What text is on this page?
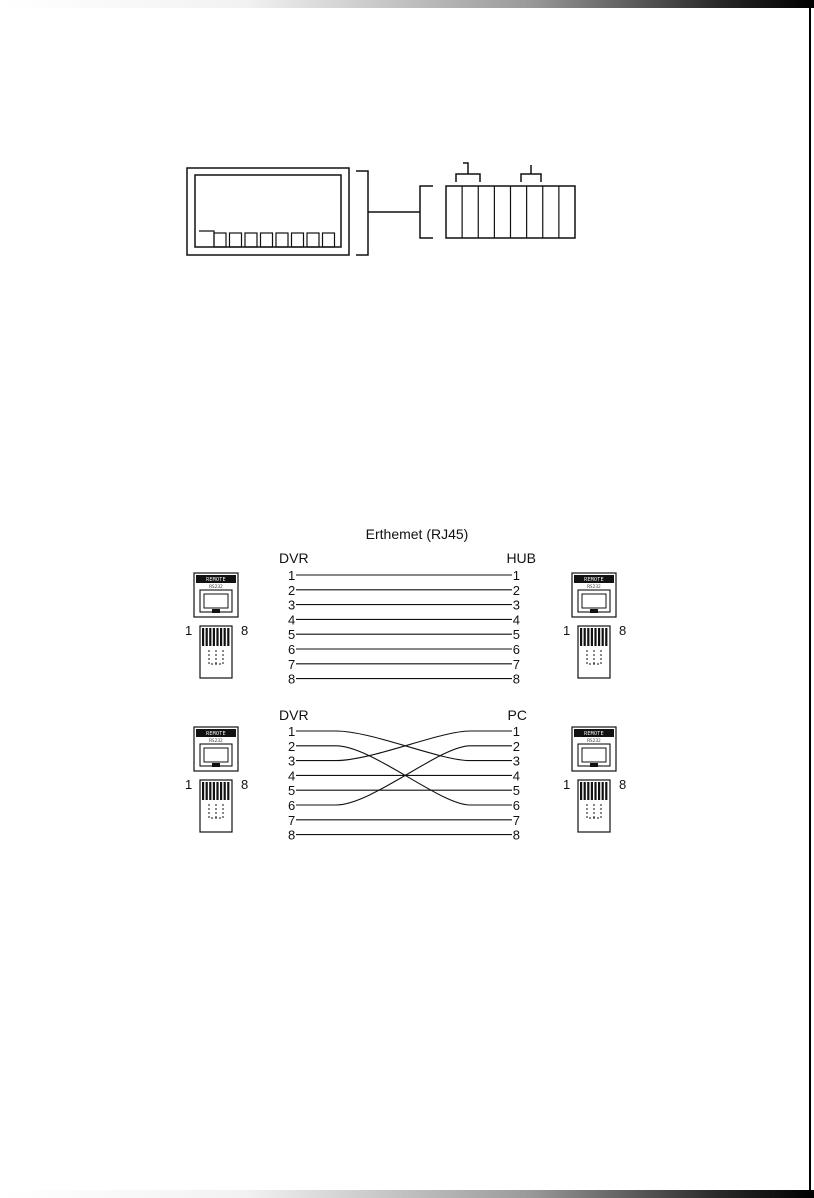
Erthemet (RJ45)
DVR	HUB
1
2
3
4
5
6
7
8
1
2
3
4
5
6
7
8
DVR	PC
1
2
3
4
5
6
7
8
1
2
3
4
5
6
7
8
REMOTE
RS232
1	8
REMOTE
RS232
1	8
REMOTE
RS232
1	8
REMOTE
RS232
1	8
